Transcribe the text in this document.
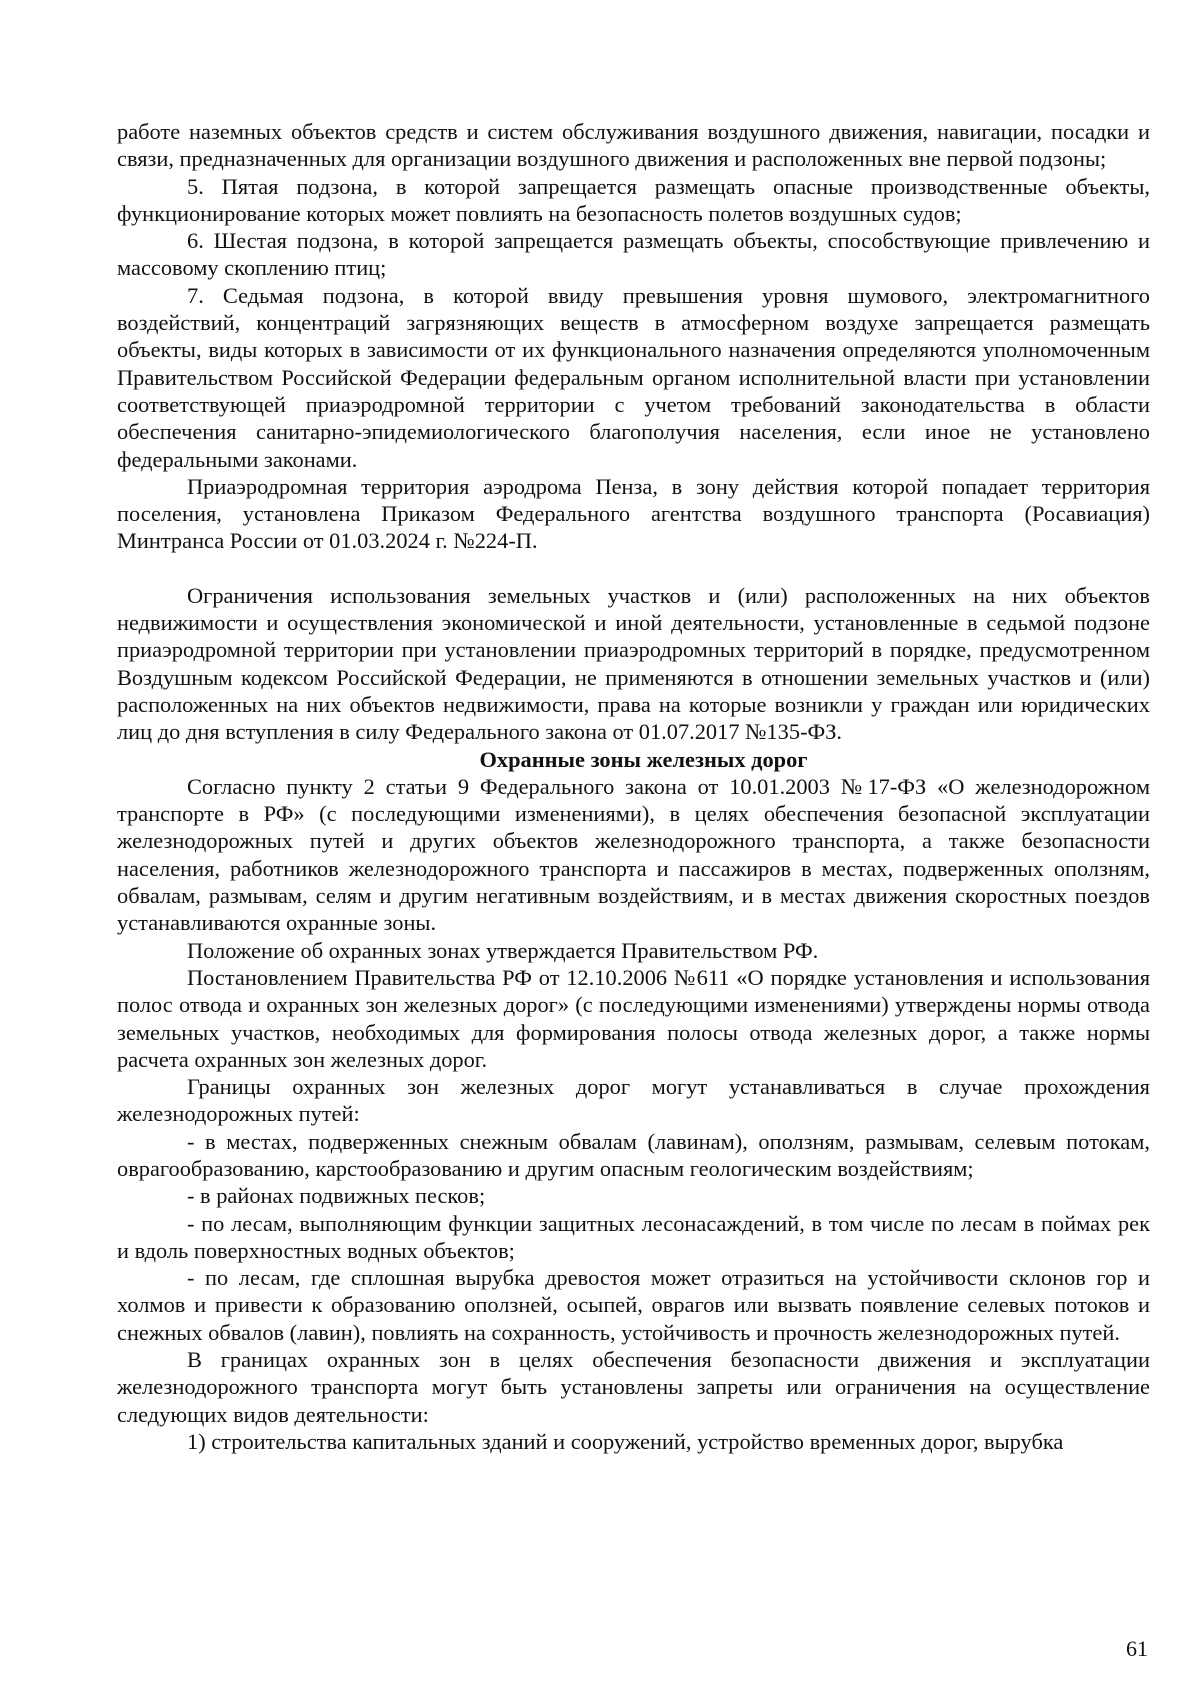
работе наземных объектов средств и систем обслуживания воздушного движения, навигации, посадки и связи, предназначенных для организации воздушного движения и расположенных вне первой подзоны;

5. Пятая подзона, в которой запрещается размещать опасные производственные объекты, функционирование которых может повлиять на безопасность полетов воздушных судов;

6. Шестая подзона, в которой запрещается размещать объекты, способствующие привлечению и массовому скоплению птиц;

7. Седьмая подзона, в которой ввиду превышения уровня шумового, электромагнитного воздействий, концентраций загрязняющих веществ в атмосферном воздухе запрещается размещать объекты, виды которых в зависимости от их функционального назначения определяются уполномоченным Правительством Российской Федерации федеральным органом исполнительной власти при установлении соответствующей приаэродромной территории с учетом требований законодательства в области обеспечения санитарно-эпидемиологического благополучия населения, если иное не установлено федеральными законами.

Приаэродромная территория аэродрома Пенза, в зону действия которой попадает территория поселения, установлена Приказом Федерального агентства воздушного транспорта (Росавиация) Минтранса России от 01.03.2024 г. №224-П.

Ограничения использования земельных участков и (или) расположенных на них объектов недвижимости и осуществления экономической и иной деятельности, установленные в седьмой подзоне приаэродромной территории при установлении приаэродромных территорий в порядке, предусмотренном Воздушным кодексом Российской Федерации, не применяются в отношении земельных участков и (или) расположенных на них объектов недвижимости, права на которые возникли у граждан или юридических лиц до дня вступления в силу Федерального закона от 01.07.2017 №135-ФЗ.

Охранные зоны железных дорог

Согласно пункту 2 статьи 9 Федерального закона от 10.01.2003 №17-ФЗ «О железнодорожном транспорте в РФ» (с последующими изменениями), в целях обеспечения безопасной эксплуатации железнодорожных путей и других объектов железнодорожного транспорта, а также безопасности населения, работников железнодорожного транспорта и пассажиров в местах, подверженных оползням, обвалам, размывам, селям и другим негативным воздействиям, и в местах движения скоростных поездов устанавливаются охранные зоны.

Положение об охранных зонах утверждается Правительством РФ.

Постановлением Правительства РФ от 12.10.2006 №611 «О порядке установления и использования полос отвода и охранных зон железных дорог» (с последующими изменениями) утверждены нормы отвода земельных участков, необходимых для формирования полосы отвода железных дорог, а также нормы расчета охранных зон железных дорог.

Границы охранных зон железных дорог могут устанавливаться в случае прохождения железнодорожных путей:

- в местах, подверженных снежным обвалам (лавинам), оползням, размывам, селевым потокам, оврагообразованию, карстообразованию и другим опасным геологическим воздействиям;

- в районах подвижных песков;

- по лесам, выполняющим функции защитных лесонасаждений, в том числе по лесам в поймах рек и вдоль поверхностных водных объектов;

- по лесам, где сплошная вырубка древостоя может отразиться на устойчивости склонов гор и холмов и привести к образованию оползней, осыпей, оврагов или вызвать появление селевых потоков и снежных обвалов (лавин), повлиять на сохранность, устойчивость и прочность железнодорожных путей.

В границах охранных зон в целях обеспечения безопасности движения и эксплуатации железнодорожного транспорта могут быть установлены запреты или ограничения на осуществление следующих видов деятельности:

1) строительства капитальных зданий и сооружений, устройство временных дорог, вырубка

61
